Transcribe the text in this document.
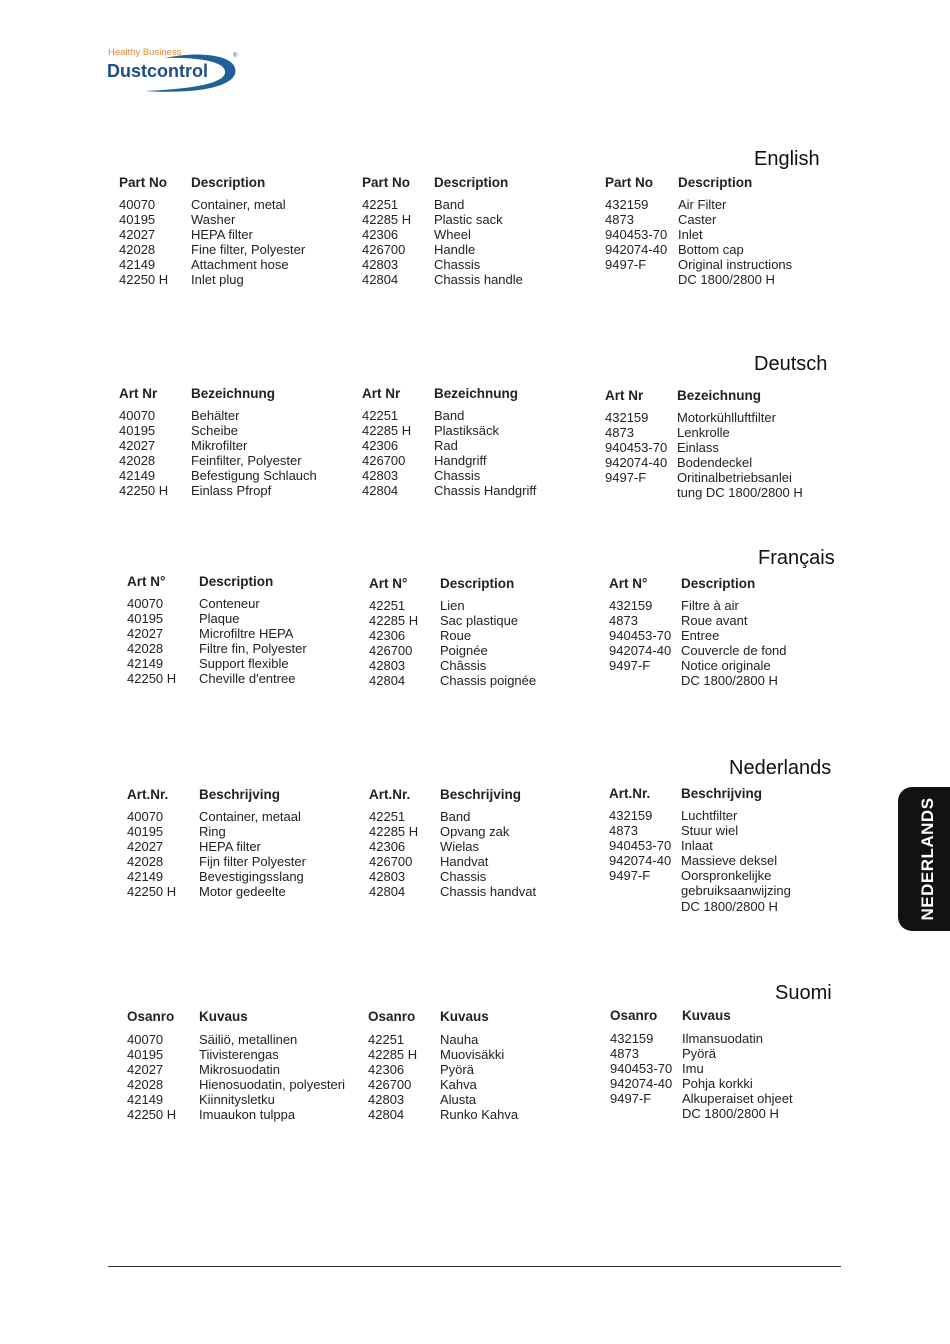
Healthy Business
Dustcontrol
®
English
Part No Description
40070
40195
42027
42028
42149
42250 H
Container, metal
Washer
HEPA filter
Fine filter, Polyester
Attachment hose
Inlet plug
Part No Description
42251
42285 H
42306
426700
42803
42804
Band
Plastic sack
Wheel
Handle
Chassis
Chassis handle
Part No Description
432159
4873
940453-70
942074-40
9497-F
Air Filter
Caster
Inlet
Bottom cap
Original instructions
DC 1800/2800 H
Deutsch
Art Nr Bezeichnung
40070
40195
42027
42028
42149
42250 H
Behälter
Scheibe
Mikrofilter
Feinfilter, Polyester
Befestigung Schlauch
Einlass Pfropf
Art Nr Bezeichnung
42251
42285 H
42306
426700
42803
42804
Band
Plastiksäck
Rad
Handgriff
Chassis
Chassis Handgriff
Art Nr Bezeichnung
432159
4873
940453-70
942074-40
9497-F
Motorkühlluftfilter
Lenkrolle
Einlass
Bodendeckel
Oritinalbetriebsanlei
tung DC 1800/2800 H
Français
Art N° Description
40070
40195
42027
42028
42149
42250 H
Conteneur
Plaque
Microfiltre HEPA
Filtre fin, Polyester
Support flexible
Cheville d'entree
Art N° Description
42251
42285 H
42306
426700
42803
42804
Lien
Sac plastique
Roue
Poignée
Châssis
Chassis poignée
Art N° Description
432159
4873
940453-70
942074-40
9497-F
Filtre à air
Roue avant
Entree
Couvercle de fond
Notice originale
DC 1800/2800 H
Nederlands
Art.Nr. Beschrijving
40070
40195
42027
42028
42149
42250 H
Container, metaal
Ring
HEPA filter
Fijn filter Polyester
Bevestigingsslang
Motor gedeelte
Art.Nr. Beschrijving
42251
42285 H
42306
426700
42803
42804
Band
Opvang zak
Wielas
Handvat
Chassis
Chassis handvat
Art.Nr. Beschrijving
432159
4873
940453-70
942074-40
9497-F
Luchtfilter
Stuur wiel
Inlaat
Massieve deksel
Oorspronkelijke
gebruiksaanwijzing
DC 1800/2800 H
Suomi
Osanro Kuvaus
40070
40195
42027
42028
42149
42250 H
Säiliö, metallinen
Tiivisterengas
Mikrosuodatin
Hienosuodatin, polyesteri
Kiinnitysletku
Imuaukon tulppa
Osanro Kuvaus
42251
42285 H
42306
426700
42803
42804
Nauha
Muovisäkki
Pyörä
Kahva
Alusta
Runko Kahva
Osanro Kuvaus
432159
4873
940453-70
942074-40
9497-F
Ilmansuodatin
Pyörä
Imu
Pohja korkki
Alkuperaiset ohjeet
DC 1800/2800 H
NEDERLANDS
